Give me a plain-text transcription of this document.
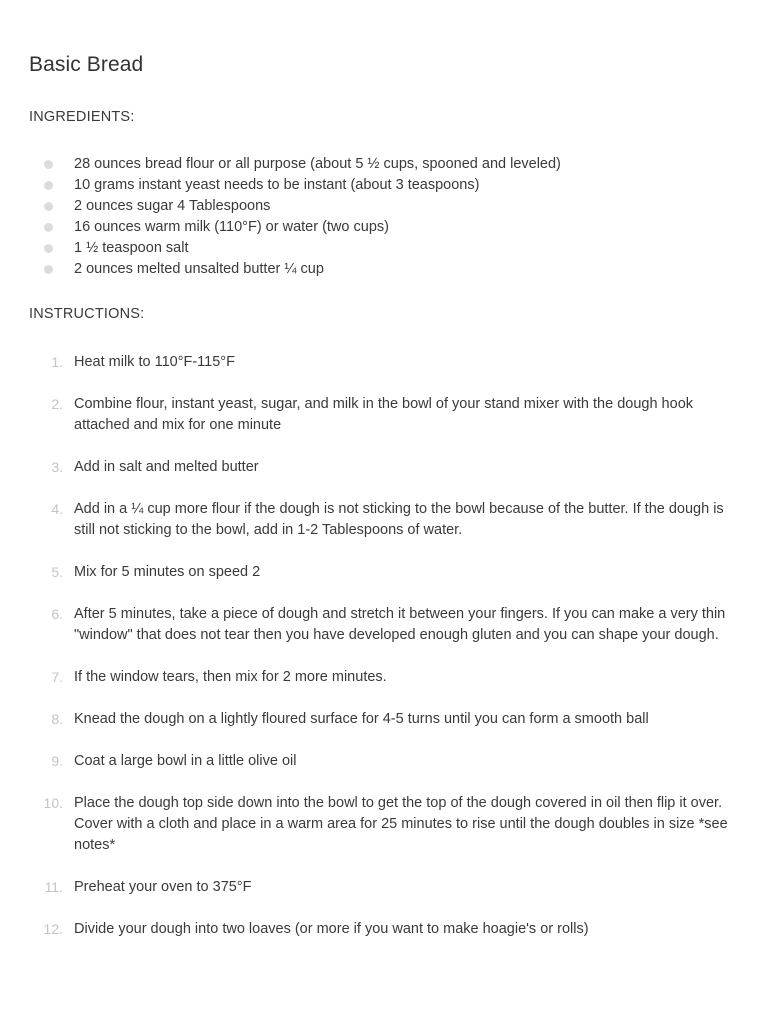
Basic Bread
INGREDIENTS:
28 ounces bread flour or all purpose (about 5 ½ cups, spooned and leveled)
10 grams instant yeast needs to be instant (about 3 teaspoons)
2 ounces sugar 4 Tablespoons
16 ounces warm milk (110°F) or water (two cups)
1 ½ teaspoon salt
2 ounces melted unsalted butter ¼ cup
INSTRUCTIONS:
1. Heat milk to 110°F-115°F
2. Combine flour, instant yeast, sugar, and milk in the bowl of your stand mixer with the dough hook attached and mix for one minute
3. Add in salt and melted butter
4. Add in a ¼ cup more flour if the dough is not sticking to the bowl because of the butter. If the dough is still not sticking to the bowl, add in 1-2 Tablespoons of water.
5. Mix for 5 minutes on speed 2
6. After 5 minutes, take a piece of dough and stretch it between your fingers. If you can make a very thin "window" that does not tear then you have developed enough gluten and you can shape your dough.
7. If the window tears, then mix for 2 more minutes.
8. Knead the dough on a lightly floured surface for 4-5 turns until you can form a smooth ball
9. Coat a large bowl in a little olive oil
10. Place the dough top side down into the bowl to get the top of the dough covered in oil then flip it over. Cover with a cloth and place in a warm area for 25 minutes to rise until the dough doubles in size *see notes*
11. Preheat your oven to 375°F
12. Divide your dough into two loaves (or more if you want to make hoagie's or rolls)
